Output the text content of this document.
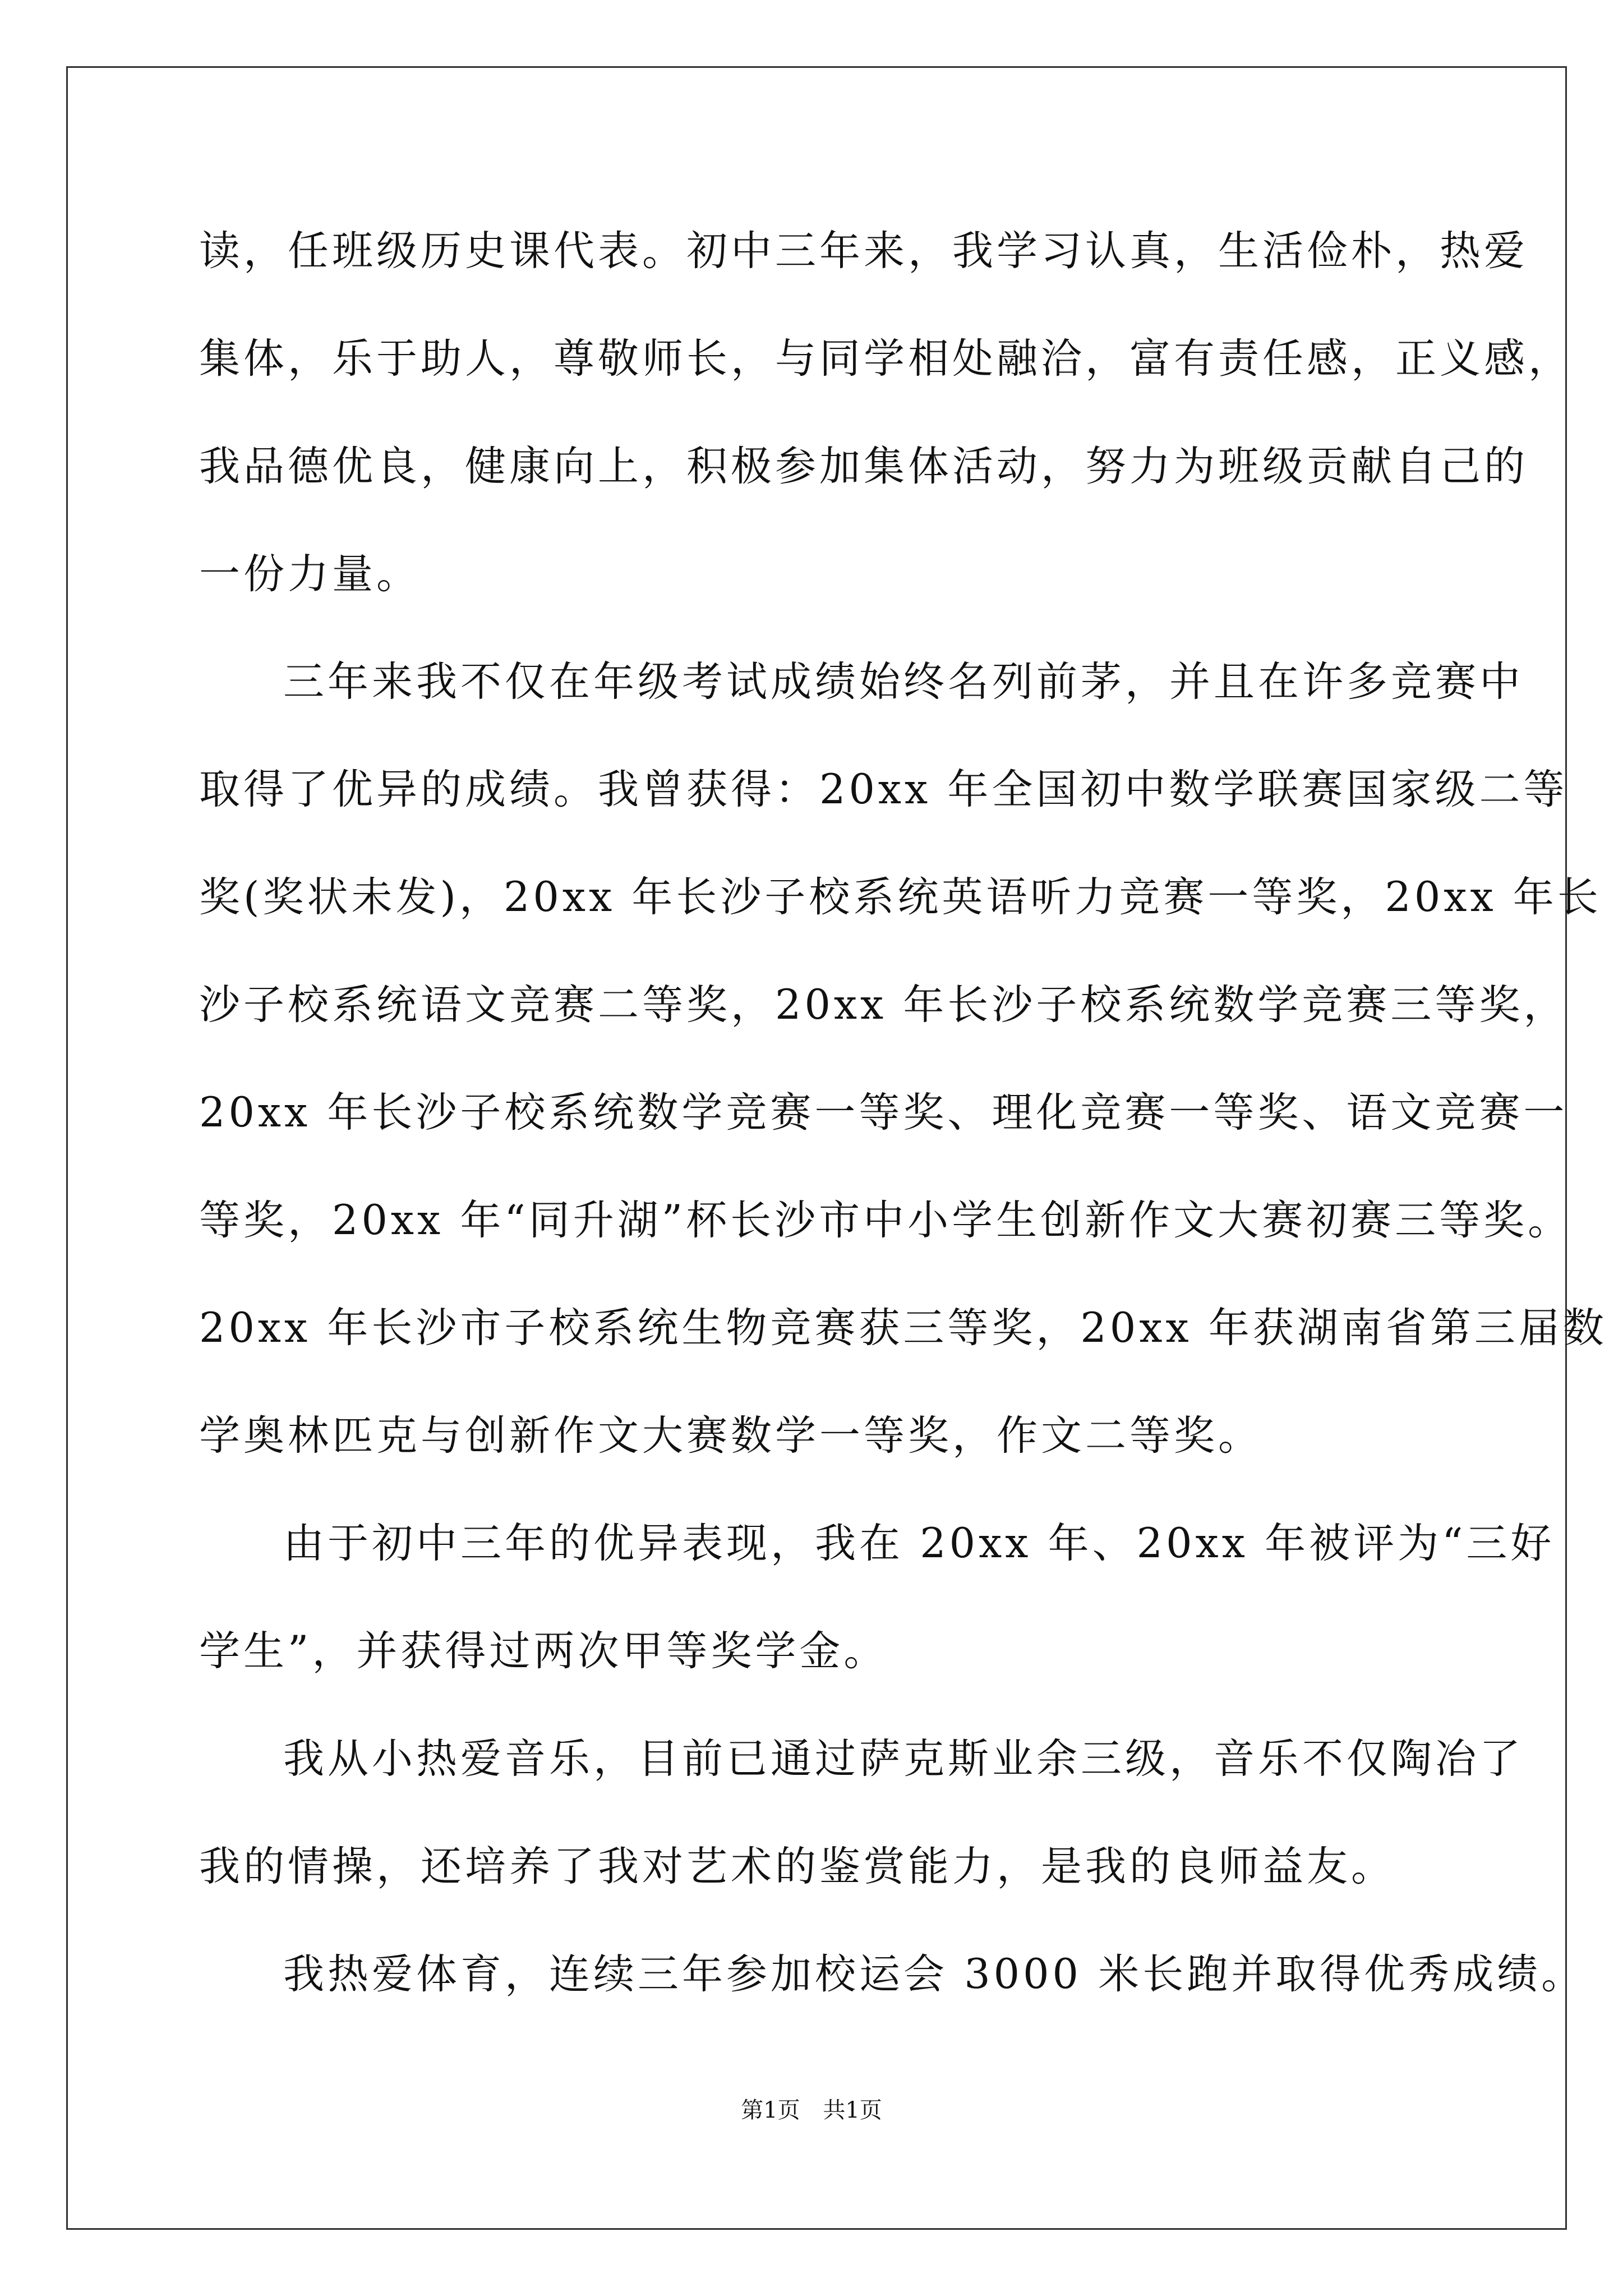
读，任班级历史课代表。初中三年来，我学习认真，生活俭朴，热爱
集体，乐于助人，尊敬师长，与同学相处融洽，富有责任感，正义感，
我品德优良，健康向上，积极参加集体活动，努力为班级贡献自己的
一份力量。
三年来我不仅在年级考试成绩始终名列前茅，并且在许多竞赛中
取得了优异的成绩。我曾获得：20xx 年全国初中数学联赛国家级二等
奖(奖状未发)，20xx 年长沙子校系统英语听力竞赛一等奖，20xx 年长
沙子校系统语文竞赛二等奖，20xx 年长沙子校系统数学竞赛三等奖，
20xx 年长沙子校系统数学竞赛一等奖、理化竞赛一等奖、语文竞赛一
等奖，20xx 年“同升湖”杯长沙市中小学生创新作文大赛初赛三等奖。
20xx 年长沙市子校系统生物竞赛获三等奖，20xx 年获湖南省第三届数
学奥林匹克与创新作文大赛数学一等奖，作文二等奖。
由于初中三年的优异表现，我在 20xx 年、20xx 年被评为“三好
学生”，并获得过两次甲等奖学金。
我从小热爱音乐，目前已通过萨克斯业余三级，音乐不仅陶冶了
我的情操，还培养了我对艺术的鉴赏能力，是我的良师益友。
我热爱体育，连续三年参加校运会 3000 米长跑并取得优秀成绩。
第1页 共1页
